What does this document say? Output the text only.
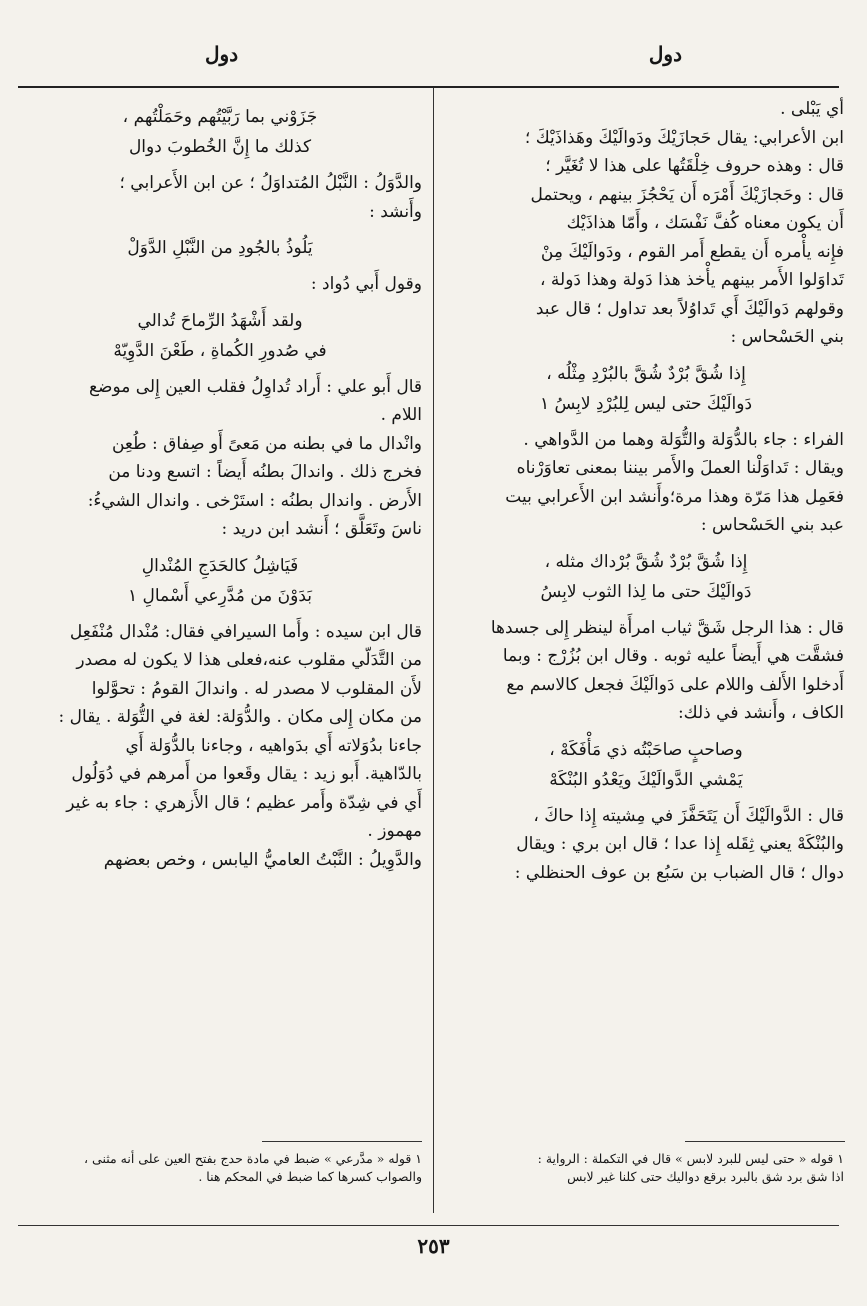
دول
دول

أي يَبْلى .
ابن الأعرابي: يقال حَجازَيْكَ ودَوالَيْكَ وهَذاذَيْكَ ؛
قال : وهذه حروف خِلْقَتُها على هذا لا تُغَيَّر ؛
قال : وحَجازَيْكَ أَمْرَه أَن يَحْجُزَ بينهم ، ويحتمل
أَن يكون معناه كُفَّ نَفْسَك ، وأَمّا هذاذَيْك
فإِنه يأْمره أَن يقطع أَمر القوم ، ودَوالَيْكَ مِنْ
تَداوَلوا الأَمر بينهم يأْخذ هذا دَولة وهذا دَولة ،
وقولهم دَوالَيْكَ أَي تَداوُلاً بعد تداول ؛ قال عبد
بني الحَسْحاس :

إِذا شُقَّ بُرْدٌ شُقَّ بالبُرْدِ مِثْلُه ،
دَوالَيْكَ حتى ليس لِلبُرْدِ لابِسُ ١

الفراء : جاء بالدُّوَلة والتُّوَلة وهما من الدَّواهي .
ويقال : تَداوَلْنا العملَ والأَمر بيننا بمعنى تعاوَرْناه
فعَمِل هذا مَرّة وهذا مرة؛وأَنشد ابن الأَعرابي بيت
عبد بني الحَسْحاس :

إِذا شُقَّ بُرْدٌ شُقَّ بُرْداك مثله ،
دَوالَيْكَ حتى ما لِذا الثوب لابِسُ

قال : هذا الرجل شَقَّ ثياب امرأَة لينظر إِلى جسدها
فشقَّت هي أَيضاً عليه ثوبه . وقال ابن بُزُرْج : وبما
أَدخلوا الأَلف واللام على دَوالَيْكَ فجعل كالاسم مع
الكاف ، وأَنشد في ذلك:

وصاحبٍ صاحَبْتُه ذي مَأْفَكَهْ ،
يَمْشي الدَّوالَيْكَ ويَعْدُو البُنْكَهْ

قال : الدَّوالَيْكَ أَن يَتَحَفَّزَ في مِشيته إِذا حاكَ ،
والبُنْكَهْ يعني ثِقَله إِذا عدا ؛ قال ابن بري : ويقال
دوال ؛ قال الضباب بن سَبُع بن عوف الحنظلي :

جَزَوْني بما رَبَّيْتُهم وحَمَلْتُهم ،
كذلك ما إِنَّ الخُطوبَ دوال

والدَّوَلُ : النَّبْلُ المُتداوَلُ ؛ عن ابن الأَعرابي ؛
وأَنشد :

يَلُوذُ بالجُودِ من النَّبْلِ الدَّوَلْ

وقول أَبي دُواد :

ولقد أَشْهَدُ الرِّماحَ تُدالي
في صُدورِ الكُماةِ ، طَعْنَ الدَّوِيّهْ

قال أَبو علي : أَراد تُداوِلُ فقلب العين إِلى موضع
اللام .
وانْدال ما في بطنه من مَعىً أَو صِفاق : طُعِن
فخرج ذلك . واندالَ بطنُه أَيضاً : اتسع ودنا من
الأَرض . واندال بطنُه : استَرْخى . واندال الشيءُ:
ناسَ وتَعَلَّق ؛ أَنشد ابن دريد :

فَيَاشِلُ كالحَدَجِ المُنْدالِ
بَدَوْنَ من مُدَّرِعي أَسْمالِ ١

قال ابن سيده : وأَما السيرافي فقال: مُنْدال مُنْفَعِل
من التَّدَلّي مقلوب عنه،فعلى هذا لا يكون له مصدر
لأَن المقلوب لا مصدر له . واندالَ القومُ : تحوَّلوا
من مكان إِلى مكان . والدُّوَلة: لغة في التُّوَلة . يقال :
جاءنا بدُوَلاته أَي بدَواهيه ، وجاءنا بالدُّوَلة أَي
بالدّاهية. أَبو زيد : يقال وقَعوا من أَمرهم في دُوَلُول
أَي في شِدّة وأَمر عظيم ؛ قال الأَزهري : جاء به غير
مهموز .
والدَّوِيلُ : النَّبْتُ العاميُّ اليابس ، وخص بعضهم

١ قوله « حتى ليس للبرد لابس » قال في التكملة : الرواية :
اذا شق برد شق بالبرد برقع دواليك حتى كلنا غير لابس
١ قوله « مدَّرعي » ضبط في مادة حدج بفتح العين على أنه مثنى ،
والصواب كسرها كما ضبط في المحكم هنا .
٢٥٣
